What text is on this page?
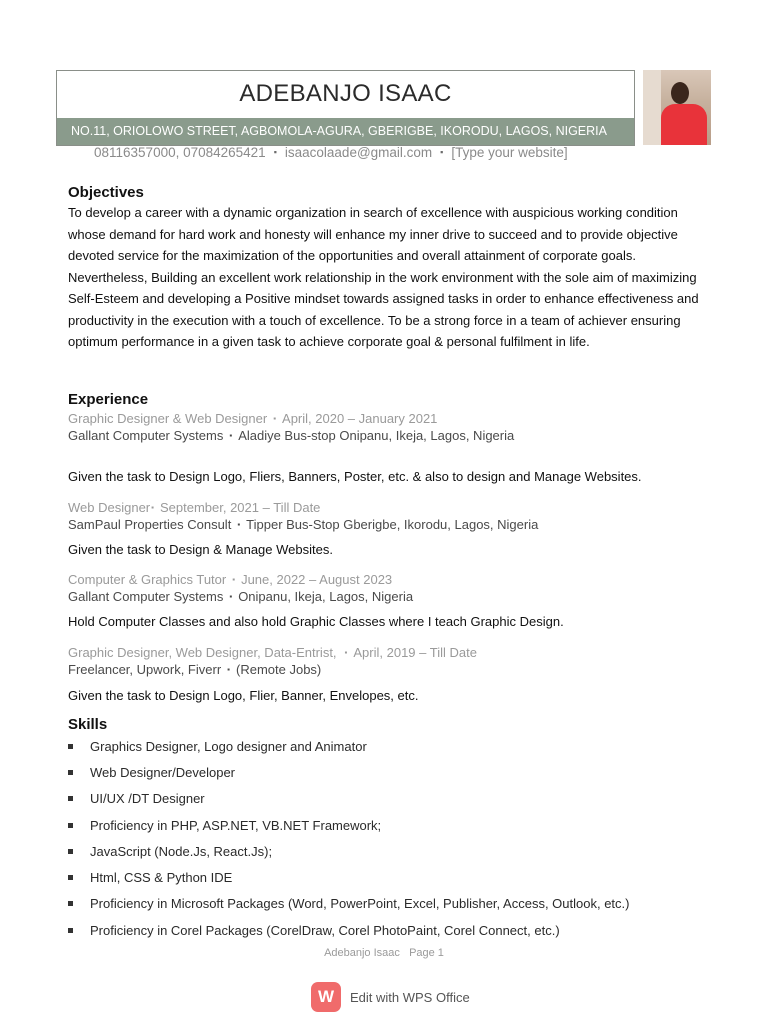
ADEBANJO ISAAC
NO.11, ORIOLOWO STREET, AGBOMOLA-AGURA, GBERIGBE, IKORODU, LAGOS, NIGERIA
08116357000, 07084265421 ▪ isaacolaade@gmail.com ▪ [Type your website]
Objectives
To develop a career with a dynamic organization in search of excellence with auspicious working condition whose demand for hard work and honesty will enhance my inner drive to succeed and to provide objective devoted service for the maximization of the opportunities and overall attainment of corporate goals. Nevertheless, Building an excellent work relationship in the work environment with the sole aim of maximizing Self-Esteem and developing a Positive mindset towards assigned tasks in order to enhance effectiveness and productivity in the execution with a touch of excellence. To be a strong force in a team of achiever ensuring optimum performance in a given task to achieve corporate goal & personal fulfilment in life.
Experience
Graphic Designer & Web Designer ▪ April, 2020 – January 2021
Gallant Computer Systems ▪ Aladiye Bus-stop Onipanu, Ikeja, Lagos, Nigeria
Given the task to Design Logo, Fliers, Banners, Poster, etc. & also to design and Manage Websites.
Web Designer▪ September, 2021 – Till Date
SamPaul Properties Consult ▪ Tipper Bus-Stop Gberigbe, Ikorodu, Lagos, Nigeria
Given the task to Design & Manage Websites.
Computer & Graphics Tutor ▪ June, 2022 – August 2023
Gallant Computer Systems ▪ Onipanu, Ikeja, Lagos, Nigeria
Hold Computer Classes and also hold Graphic Classes where I teach Graphic Design.
Graphic Designer, Web Designer, Data-Entrist, ▪ April, 2019 – Till Date
Freelancer, Upwork, Fiverr ▪ (Remote Jobs)
Given the task to Design Logo, Flier, Banner, Envelopes, etc.
Skills
Graphics Designer, Logo designer and Animator
Web Designer/Developer
UI/UX /DT Designer
Proficiency in PHP, ASP.NET, VB.NET Framework;
JavaScript (Node.Js, React.Js);
Html, CSS & Python IDE
Proficiency in Microsoft Packages (Word, PowerPoint, Excel, Publisher, Access, Outlook, etc.)
Proficiency in Corel Packages (CorelDraw, Corel PhotoPaint, Corel Connect, etc.)
Adebanjo Isaac   Page 1
W	Edit with WPS Office
